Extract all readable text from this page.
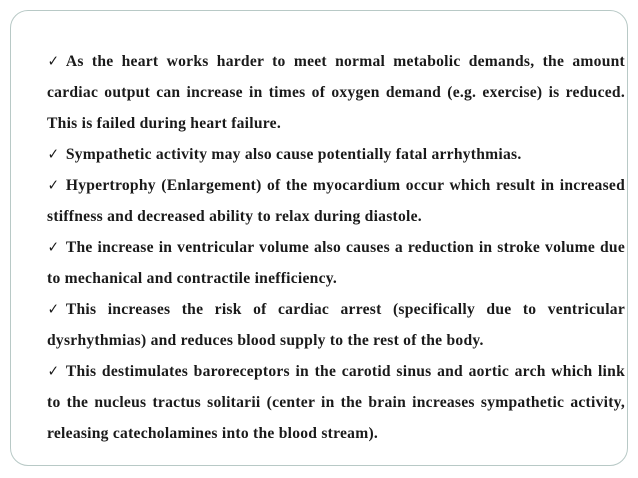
✓ As the heart works harder to meet normal metabolic demands, the amount cardiac output can increase in times of oxygen demand (e.g. exercise) is reduced. This is failed during heart failure.

✓ Sympathetic activity may also cause potentially fatal arrhythmias.

✓ Hypertrophy (Enlargement) of the myocardium occur which result in increased stiffness and decreased ability to relax during diastole.

✓ The increase in ventricular volume also causes a reduction in stroke volume due to mechanical and contractile inefficiency.

✓ This increases the risk of cardiac arrest (specifically due to ventricular dysrhythmias) and reduces blood supply to the rest of the body.

✓ This destimulates baroreceptors in the carotid sinus and aortic arch which link to the nucleus tractus solitarii (center in the brain increases sympathetic activity, releasing catecholamines into the blood stream).
